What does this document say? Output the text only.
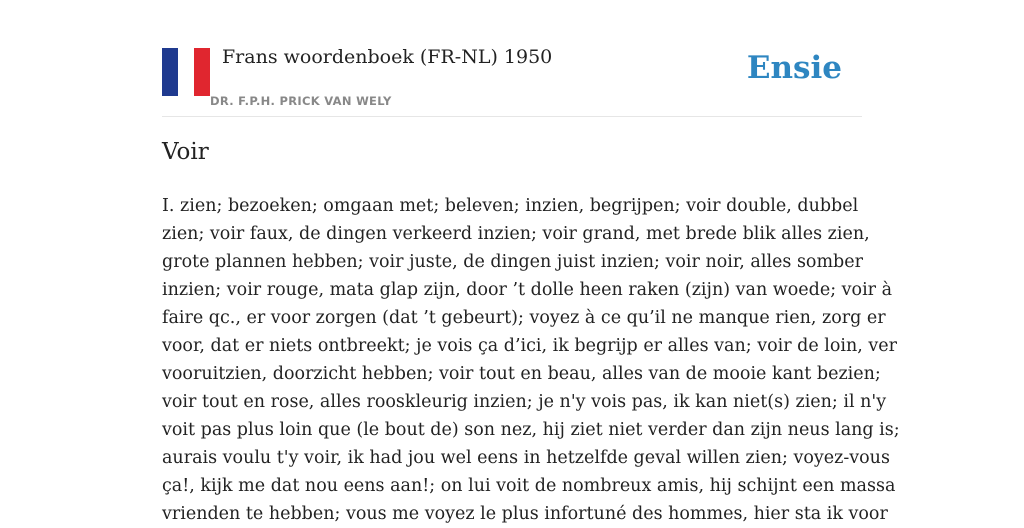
Frans woordenboek (FR-NL) 1950
DR. F.P.H. PRICK VAN WELY
Ensie
Voir
I. zien; bezoeken; omgaan met; beleven; inzien, begrijpen; voir double, dubbel
zien; voir faux, de dingen verkeerd inzien; voir grand, met brede blik alles zien,
grote plannen hebben; voir juste, de dingen juist inzien; voir noir, alles somber
inzien; voir rouge, mata glap zijn, door ’t dolle heen raken (zijn) van woede; voir à
faire qc., er voor zorgen (dat ’t gebeurt); voyez à ce qu’il ne manque rien, zorg er
voor, dat er niets ontbreekt; je vois ça d’ici, ik begrijp er alles van; voir de loin, ver
vooruitzien, doorzicht hebben; voir tout en beau, alles van de mooie kant bezien;
voir tout en rose, alles rooskleurig inzien; je n'y vois pas, ik kan niet(s) zien; il n'y
voit pas plus loin que (le bout de) son nez, hij ziet niet verder dan zijn neus lang is;
aurais voulu t'y voir, ik had jou wel eens in hetzelfde geval willen zien; voyez-vous
ça!, kijk me dat nou eens aan!; on lui voit de nombreux amis, hij schijnt een massa
vrienden te hebben; vous me voyez le plus infortuné des hommes, hier sta ik voor
